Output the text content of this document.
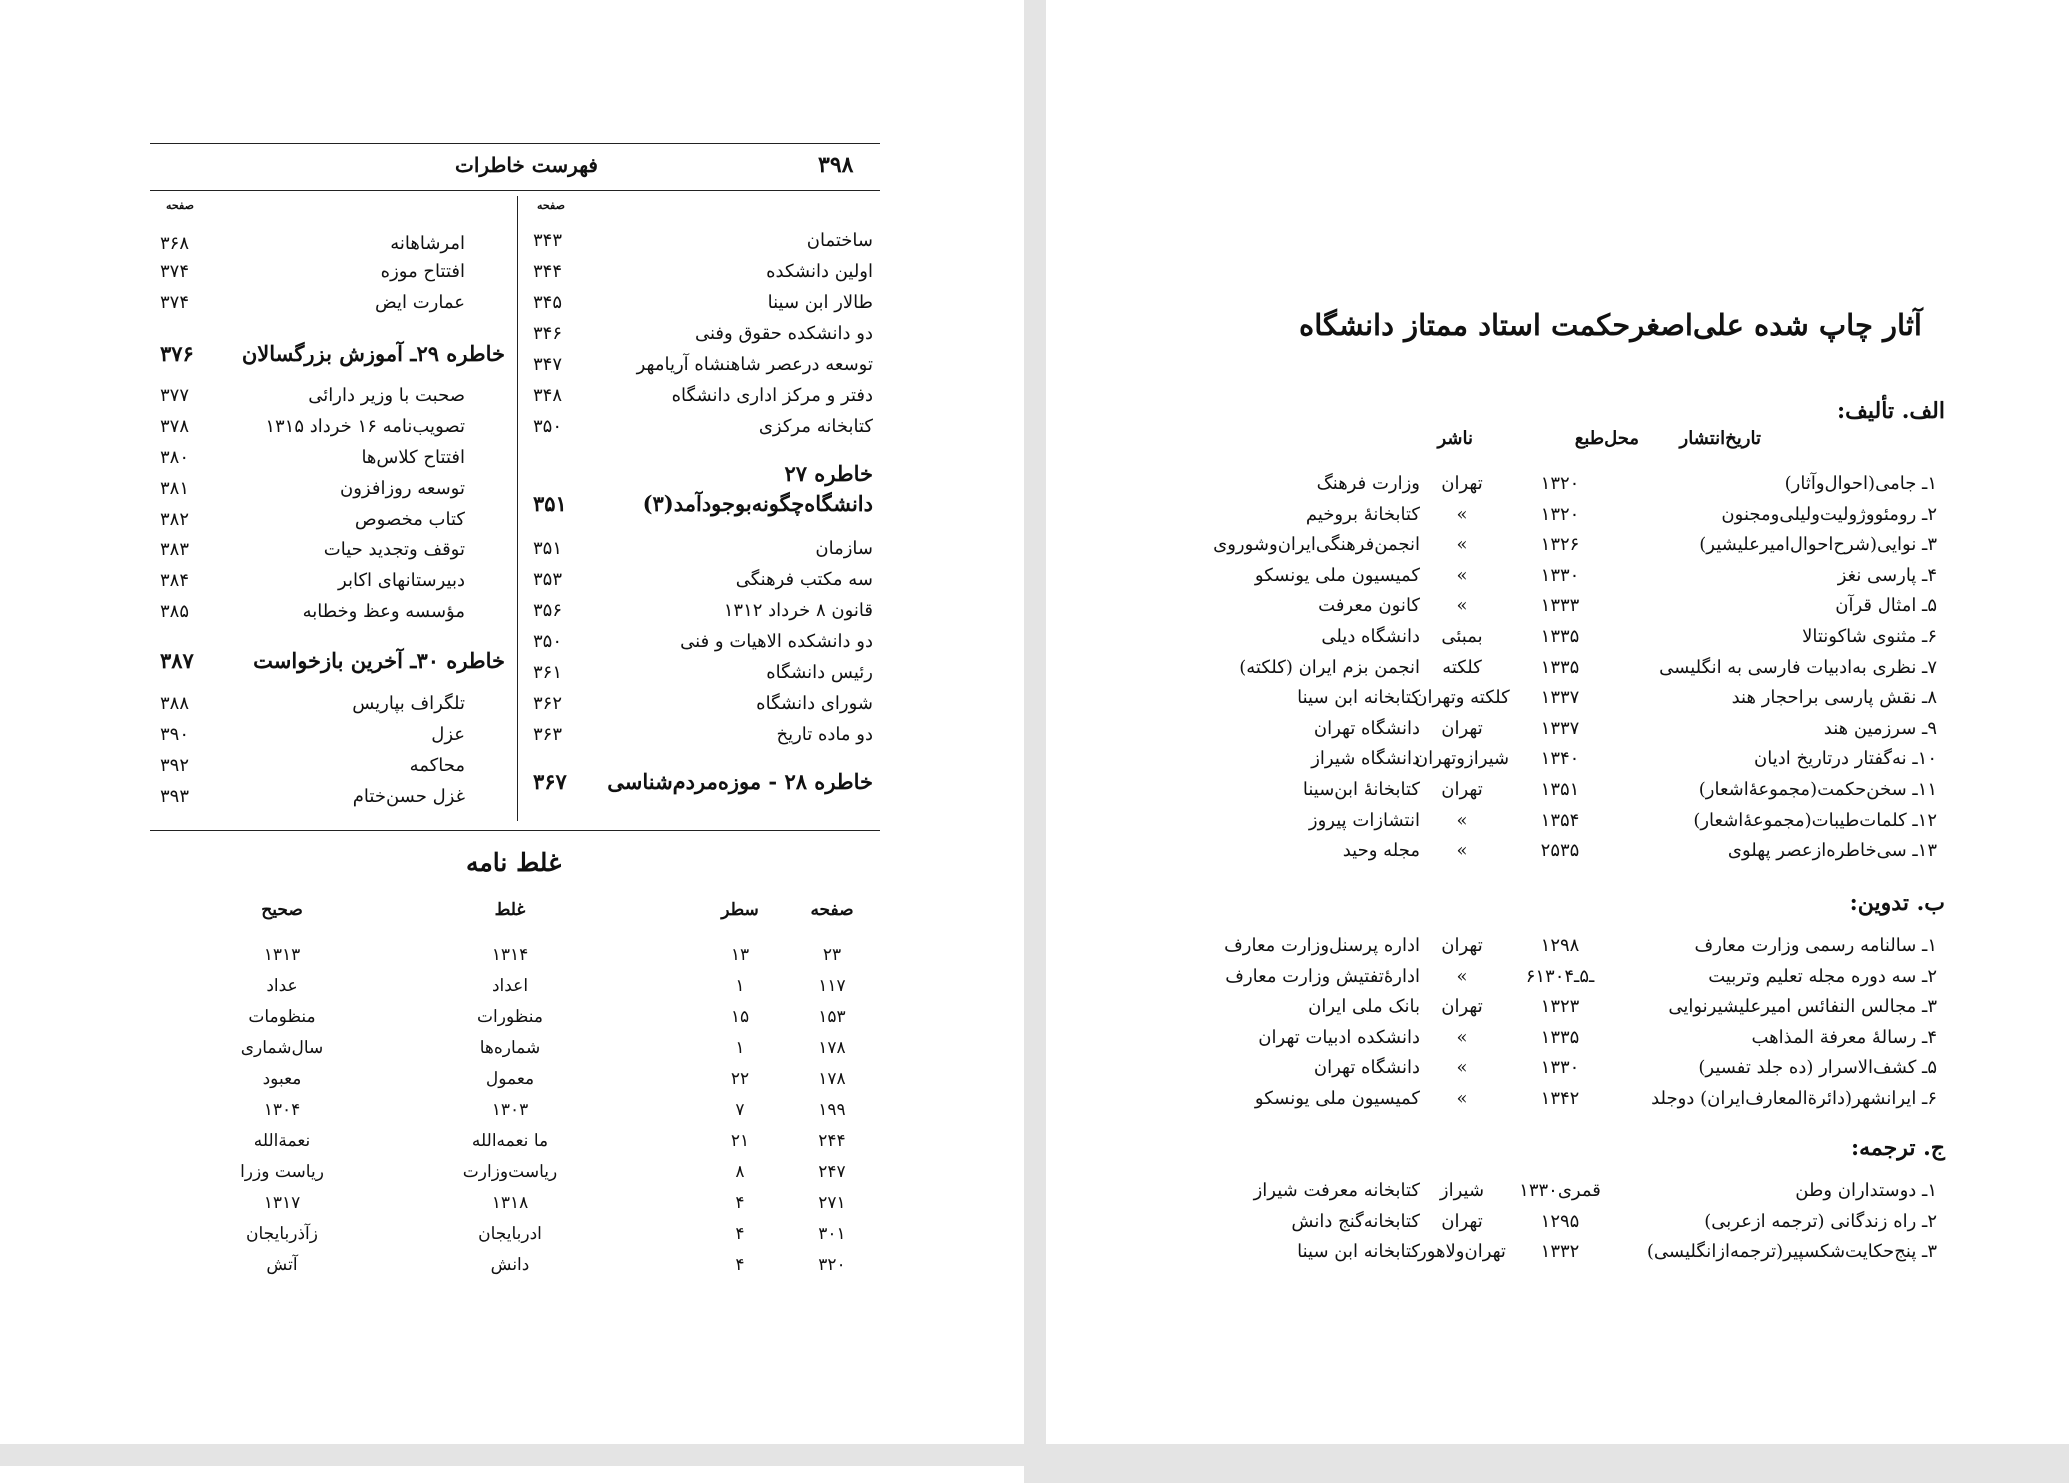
۳۹۸
فهرست خاطرات
صفحه
صفحه
ساختمان
۳۴۳
اولین دانشکده
۳۴۴
طالار ابن سینا
۳۴۵
دو دانشکده حقوق وفنی
۳۴۶
توسعه درعصر شاهنشاه آریامهر
۳۴۷
دفتر و مرکز اداری دانشگاه
۳۴۸
کتابخانه مرکزی
۳۵۰
خاطره ۲۷
دانشگاه‌چگونه‌بوجودآمد(۳)
۳۵۱
سازمان
۳۵۱
سه مکتب فرهنگی
۳۵۳
قانون ۸ خرداد ۱۳۱۲
۳۵۶
دو دانشکده الاهیات و فنی
۳۵۰
رئیس دانشگاه
۳۶۱
شورای دانشگاه
۳۶۲
دو ماده تاریخ
۳۶۳
خاطره ۲۸ - موزه‌مردم‌شناسی
۳۶۷
امرشاهانه
۳۶۸
افتتاح موزه
۳۷۴
عمارت ایض
۳۷۴
خاطره ۲۹ـ آموزش بزرگسالان
۳۷۶
صحبت با وزیر دارائی
۳۷۷
تصویب‌نامه ۱۶ خرداد ۱۳۱۵
۳۷۸
افتتاح کلاس‌ها
۳۸۰
توسعه روزافزون
۳۸۱
کتاب مخصوص
۳۸۲
توقف وتجدید حیات
۳۸۳
دبیرستانهای اکابر
۳۸۴
مؤسسه وعظ وخطابه
۳۸۵
خاطره ۳۰ـ آخرین بازخواست
۳۸۷
تلگراف بپاریس
۳۸۸
عزل
۳۹۰
محاکمه
۳۹۲
غزل حسن‌ختام
۳۹۳
غلط نامه
صفحه
سطر
غلط
صحیح
۲۳
۱۳
۱۳۱۴
۱۳۱۳
۱۱۷
۱
اعداد
عداد
۱۵۳
۱۵
منظورات
منظومات
۱۷۸
۱
شماره‌ها
سال‌شماری
۱۷۸
۲۲
معمول
معبود
۱۹۹
۷
۱۳۰۳
۱۳۰۴
۲۴۴
۲۱
ما نعمه‌الله
نعمةالله
۲۴۷
۸
ریاست‌وزارت
ریاست وزرا
۲۷۱
۴
۱۳۱۸
۱۳۱۷
۳۰۱
۴
ادربایجان
زآذربایجان
۳۲۰
۴
دانش
آتش
آثار چاپ شده علی‌اصغرحکمت استاد ممتاز دانشگاه
الف. تألیف:
تاریخ‌انتشار
محل‌طبع
ناشر
۱ـ جامی(احوال‌وآثار)
۱۳۲۰
تهران
وزارت فرهنگ
۲ـ رومئووژولیت‌ولیلی‌ومجنون
۱۳۲۰
«
کتابخانهٔ بروخیم
۳ـ نوایی(شرح‌احوال‌امیرعلیشیر)
۱۳۲۶
«
انجمن‌فرهنگی‌ایران‌وشوروی
۴ـ پارسی نغز
۱۳۳۰
«
کمیسیون ملی یونسکو
۵ـ امثال قرآن
۱۳۳۳
«
کانون معرفت
۶ـ مثنوی شاکونتالا
۱۳۳۵
بمبئی
دانشگاه دیلی
۷ـ نظری به‌ادبیات فارسی به انگلیسی
۱۳۳۵
کلکته
انجمن بزم ایران (کلکته)
۸ـ نقش پارسی براحجار هند
۱۳۳۷
کلکته وتهران
کتابخانه ابن سینا
۹ـ سرزمین هند
۱۳۳۷
تهران
دانشگاه تهران
۱۰ـ نه‌گفتار درتاریخ ادیان
۱۳۴۰
شیرازوتهران
دانشگاه شیراز
۱۱ـ سخن‌حکمت(مجموعهٔ‌اشعار)
۱۳۵۱
تهران
کتابخانهٔ ابن‌سینا
۱۲ـ کلمات‌طیبات(مجموعهٔ‌اشعار)
۱۳۵۴
«
انتشازات پیروز
۱۳ـ سی‌خاطره‌ازعصر پهلوی
۲۵۳۵
«
مجله وحید
ب. تدوین:
۱ـ سالنامه رسمی وزارت معارف
۱۲۹۸
تهران
اداره پرسنل‌وزارت معارف
۲ـ سه دوره مجله تعلیم وتربیت
۶ـ۵ـ۱۳۰۴
«
ادارهٔ‌تفتیش وزارت معارف
۳ـ مجالس النفائس امیرعلیشیرنوایی
۱۳۲۳
تهران
بانک ملی ایران
۴ـ رسالهٔ معرفة المذاهب
۱۳۳۵
«
دانشکده ادبیات تهران
۵ـ کشف‌الاسرار (ده جلد تفسیر)
۱۳۳۰
«
دانشگاه تهران
۶ـ ایرانشهر(دائرةالمعارف‌ایران) دوجلد
۱۳۴۲
«
کمیسیون ملی یونسکو
ج. ترجمه:
۱ـ دوستداران وطن
۱۳۳۰قمری
شیراز
کتابخانه معرفت شیراز
۲ـ راه زندگانی (ترجمه ازعربی)
۱۲۹۵
تهران
کتابخانه‌گنج دانش
۳ـ پنج‌حکایت‌شکسپیر(ترجمه‌ازانگلیسی)
۱۳۳۲
تهران‌ولاهور
کتابخانه ابن سینا
